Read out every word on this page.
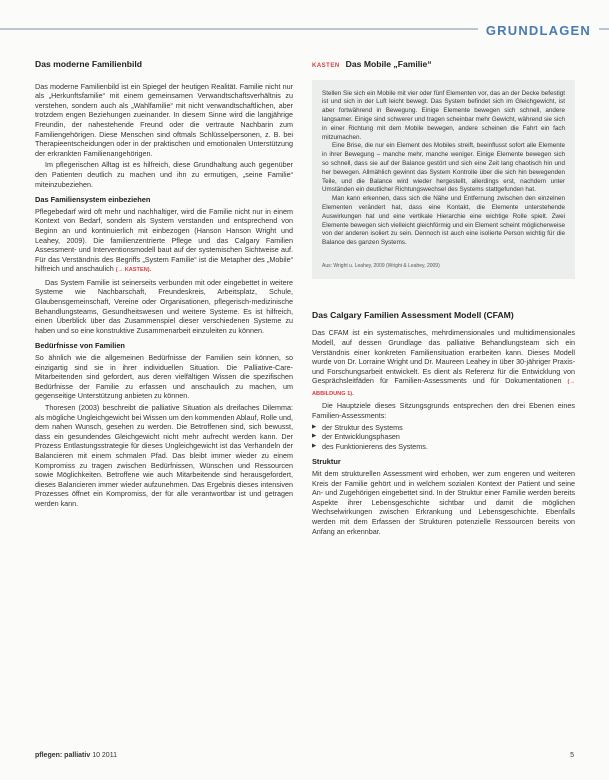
GRUNDLAGEN
Das moderne Familienbild

Das moderne Familienbild ist ein Spiegel der heutigen Realität. Familie nicht nur als „Herkunftsfamilie“ mit einem gemeinsamen Verwandtschaftsverhältnis zu verstehen, sondern auch als „Wahlfamilie“ mit nicht verwandtschaftlichen, aber trotzdem engen Beziehungen zueinander. In diesem Sinne wird die langjährige Freundin, der nahestehende Freund oder die vertraute Nachbarin zum Familiengehörigen. Diese Menschen sind oftmals Schlüsselpersonen, z. B. bei Therapieentscheidungen oder in der praktischen und emotionalen Unterstützung der erkrankten Familienangehörigen.

Im pflegerischen Alltag ist es hilfreich, diese Grundhaltung auch gegenüber den Patienten deutlich zu machen und ihn zu ermutigen, „seine Familie“ miteinzubeziehen.

Das Familiensystem einbeziehen

Pflegebedarf wird oft mehr und nachhaltiger, wird die Familie nicht nur in einem Kontext von Bedarf, sondern als System verstanden und entsprechend von Beginn an und kontinuierlich mit einbezogen (Hanson Hanson Wright und Leahey, 2009). Die familienzentrierte Pflege und das Calgary Familien Assessment- und Interventionsmodell baut auf der systemischen Sichtweise auf. Für das Verständnis des Begriffs „System Familie“ ist die Metapher des „Mobile“ hilfreich und anschaulich (→ KASTEN).

Das System Familie ist seinerseits verbunden mit oder eingebettet in weitere Systeme wie Nachbarschaft, Freundeskreis, Arbeitsplatz, Schule, Glaubensgemeinschaft, Vereine oder Organisationen, pflegerisch-medizinische Behandlungsteams, Gesundheitswesen und weitere Systeme. Es ist hilfreich, einen Überblick über das Zusammenspiel dieser verschiedenen Systeme zu haben und so eine konstruktive Zusammenarbeit einzuleiten zu können.

Bedürfnisse von Familien

So ähnlich wie die allgemeinen Bedürfnisse der Familien sein können, so einzigartig sind sie in ihrer individuellen Situation. Die Palliative-Care-Mitarbeitenden sind gefordert, aus deren vielfältigen Wissen die spezifischen Bedürfnisse der Familie zu erfassen und anschaulich zu machen, um gegenseitige Unterstützung anbieten zu können.

Thoresen (2003) beschreibt die palliative Situation als dreifaches Dilemma: als mögliche Ungleichgewicht bei Wissen um den kommenden Ablauf, Rolle und, dem nahen Wunsch, gesehen zu werden. Die Betroffenen sind, sich bewusst, dass ein gesundendes Gleichgewicht nicht mehr aufrecht werden kann. Der Prozess Entlastungsstrategie für dieses Ungleichgewicht ist das Verhandeln der Balancieren mit einem schmalen Pfad. Das bleibt immer wieder zu einem Kompromiss zu tragen zwischen Bedürfnissen, Wünschen und Ressourcen sowie Möglichkeiten. Betroffene wie auch Mitarbeitende sind herausgefordert, dieses Balancieren immer wieder aufzunehmen. Das Ergebnis dieses intensiven Prozesses öffnet ein Kompromiss, der für alle verantwortbar ist und getragen werden kann.

KASTEN Das Mobile „Familie“

Stellen Sie sich ein Mobile mit vier oder fünf Elementen vor, das an der Decke befestigt ist und sich in der Luft leicht bewegt. Das System befindet sich im Gleichgewicht, ist aber fortwährend in Bewegung. Einige Elemente bewegen sich schnell, andere langsamer. Einige sind schwerer und tragen scheinbar mehr Gewicht, während sie sich in einer Richtung mit dem Mobile bewegen, andere scheinen die Fahrt ein fach mitzumachen.

Eine Brise, die nur ein Element des Mobiles streift, beeinflusst sofort alle Elemente in ihrer Bewegung – manche mehr, manche weniger. Einige Elemente bewegen sich so schnell, dass sie auf der Balance gestört und sich eine Zeit lang chaotisch hin und her bewegen. Allmählich gewinnt das System Kontrolle über die sich hin bewegenden Teile, und die Balance wird wieder hergestellt, allerdings erst, nachdem unter Umständen ein deutlicher Richtungswechsel des Systems stattgefunden hat.

Man kann erkennen, dass sich die Nähe und Entfernung zwischen den einzelnen Elementen verändert hat, dass eine Kontakt, die Elemente unterstehende Auswirkungen hat und eine vertikale Hierarchie eine wichtige Rolle spielt. Zwei Elemente bewegen sich vielleicht gleichförmig und ein Element scheint möglicherweise von der anderen isoliert zu sein. Dennoch ist auch eine isolierte Person wichtig für die Balance des ganzen Systems.

Aus: Wright u. Leahey, 2009 (Wright & Leahey, 2009)

Das Calgary Familien Assessment Modell (CFAM)

Das CFAM ist ein systematisches, mehrdimensionales und multidimensionales Modell, auf dessen Grundlage das palliative Behandlungsteam sich ein Verständnis einer konkreten Familiensituation erarbeiten kann. Dieses Modell wurde von Dr. Lorraine Wright und Dr. Maureen Leahey in über 30-jähriger Praxis- und Forschungsarbeit entwickelt. Es dient als Referenz für die Entwicklung von Gesprächsleitfäden für Familien-Assessments und für Dokumentationen (→ ABBILDUNG 1).

Die Hauptziele dieses Sitzungsgrunds entsprechen den drei Ebenen eines Familien-Assessments:

▶ der Struktur des Systems
▶ der Entwicklungsphasen
▶ des Funktionierens des Systems.
Struktur

Mit dem strukturellen Assessment wird erhoben, wer zum engeren und weiteren Kreis der Familie gehört und in welchem sozialen Kontext der Patient und seine An- und Zugehörigen eingebettet sind. In der Struktur einer Familie werden bereits Aspekte ihrer Lebensgeschichte sichtbar und damit die möglichen Wechselwirkungen zwischen Erkrankung und Lebensgeschichte. Ebenfalls werden mit dem Erfassen der Strukturen potenzielle Ressourcen bereits von Anfang an erkennbar.

pflegen: palliativ 10 2011	5
